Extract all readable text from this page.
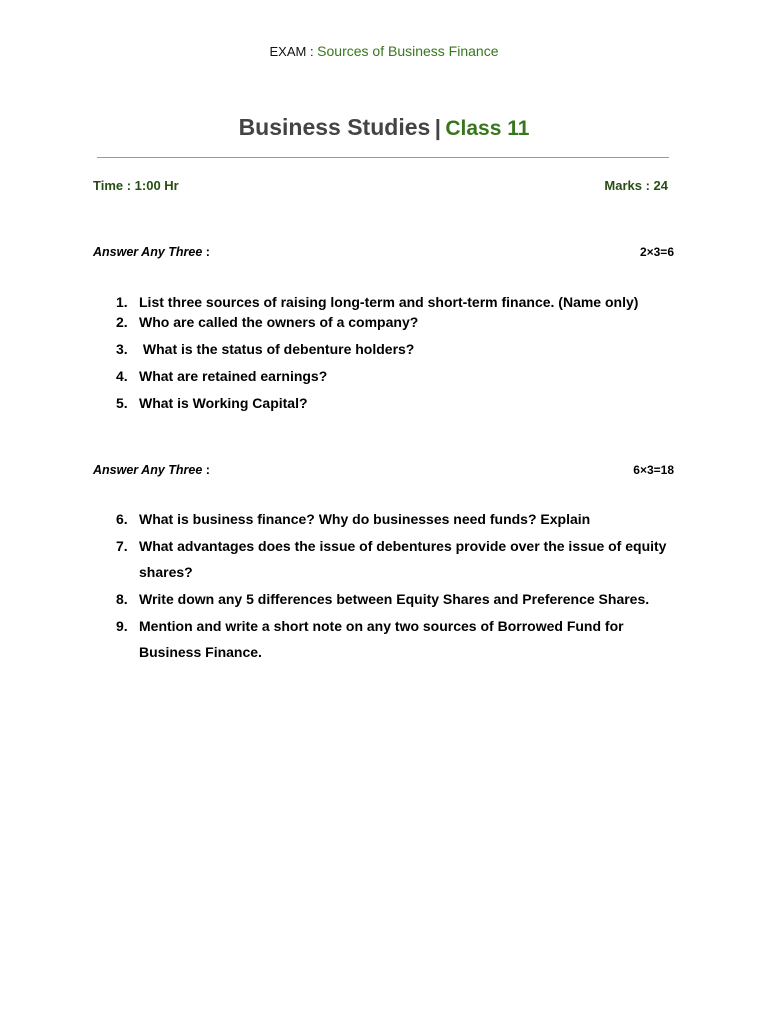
EXAM : Sources of Business Finance
Business Studies | Class 11
Time : 1:00 Hr	Marks : 24
Answer Any Three :	2×3=6
1. List three sources of raising long-term and short-term finance. (Name only)
2. Who are called the owners of a company?
3. What is the status of debenture holders?
4. What are retained earnings?
5. What is Working Capital?
Answer Any Three :	6×3=18
6. What is business finance? Why do businesses need funds? Explain
7. What advantages does the issue of debentures provide over the issue of equity shares?
8. Write down any 5 differences between Equity Shares and Preference Shares.
9. Mention and write a short note on any two sources of Borrowed Fund for Business Finance.
